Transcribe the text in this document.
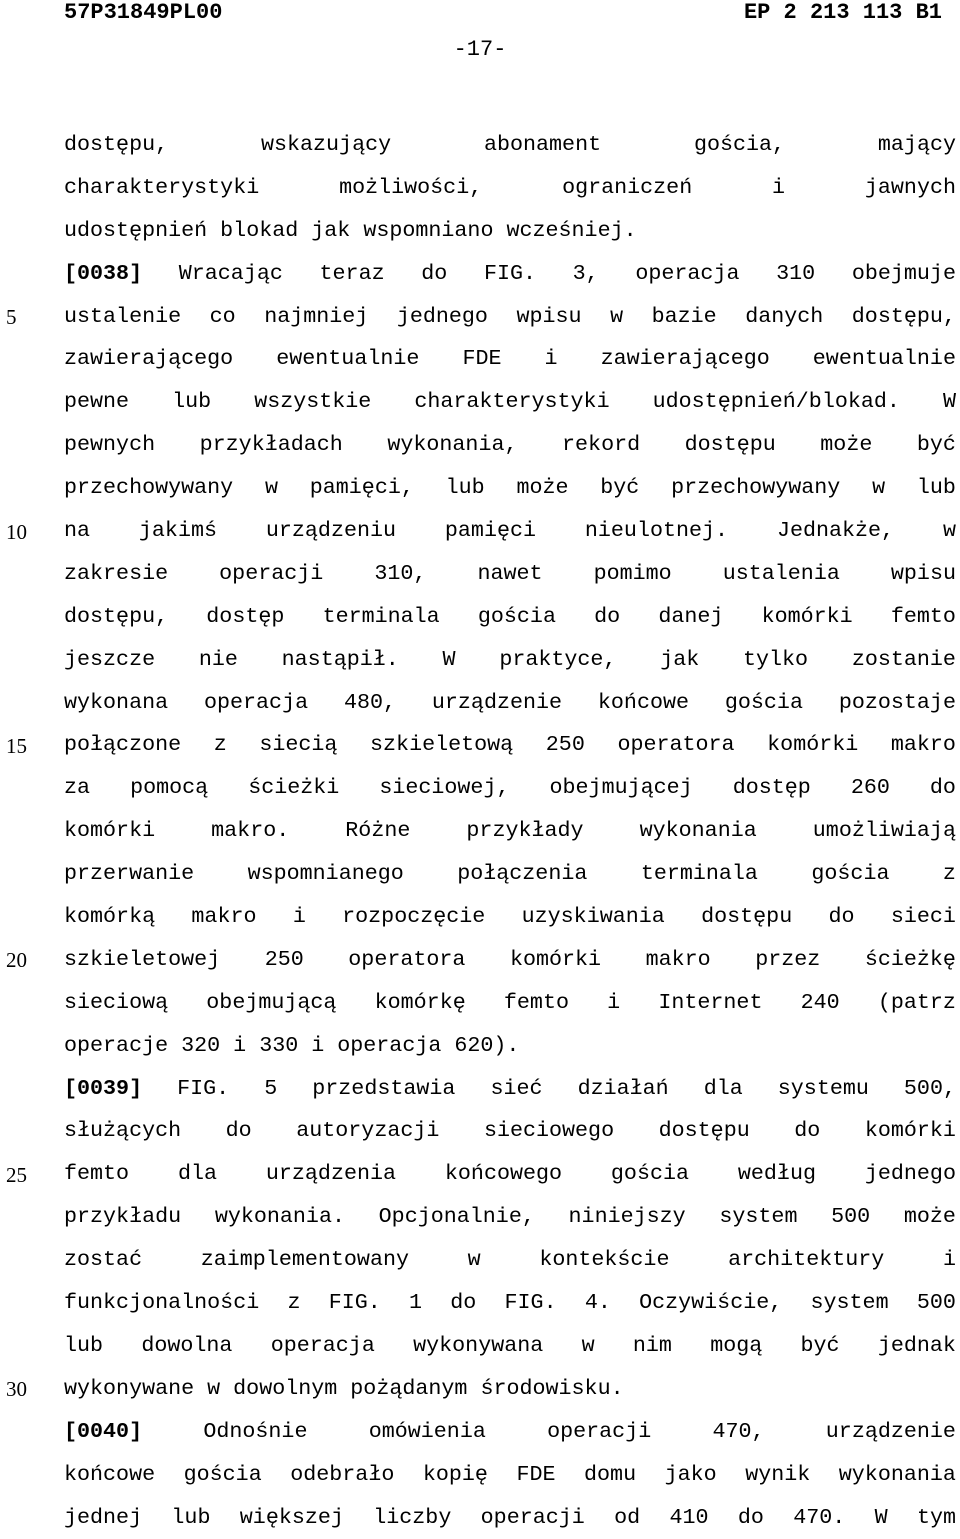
57P31849PL00	EP 2 213 113 B1
-17-
5
10
15
20
25
30
dostępu,	wskazujący	abonament	gościa,	mający
charakterystyki	możliwości,	ograniczeń	i	jawnych
udostępnień blokad jak wspomniano wcześniej.
[0038] Wracając teraz do FIG. 3, operacja 310 obejmuje
ustalenie co najmniej jednego wpisu w bazie danych dostępu,
zawierającego ewentualnie FDE i zawierającego ewentualnie
pewne lub wszystkie charakterystyki udostępnień/blokad. W
pewnych przykładach wykonania, rekord dostępu może być
przechowywany w pamięci, lub może być przechowywany w lub
na jakimś urządzeniu pamięci nieulotnej. Jednakże, w
zakresie operacji 310, nawet pomimo ustalenia wpisu
dostępu, dostęp terminala gościa do danej komórki femto
jeszcze nie nastąpił. W praktyce, jak tylko zostanie
wykonana operacja 480, urządzenie końcowe gościa pozostaje
połączone z siecią szkieletową 250 operatora komórki makro
za pomocą ścieżki sieciowej, obejmującej dostęp 260 do
komórki	makro.	Różne	przykłady	wykonania	umożliwiają
przerwanie wspomnianego połączenia terminala gościa z
komórką makro i rozpoczęcie uzyskiwania dostępu do sieci
szkieletowej 250 operatora komórki makro przez ścieżkę
sieciową obejmującą komórkę femto i Internet 240 (patrz
operacje 320 i 330 i operacja 620).
[0039] FIG. 5 przedstawia sieć działań dla systemu 500,
służących do autoryzacji sieciowego dostępu do komórki
femto dla urządzenia końcowego gościa według jednego
przykładu wykonania. Opcjonalnie, niniejszy system 500 może
zostać	zaimplementowany	w	kontekście	architektury	i
funkcjonalności z FIG. 1 do FIG. 4. Oczywiście, system 500
lub dowolna operacja wykonywana w nim mogą być jednak
wykonywane w dowolnym pożądanym środowisku.
[0040]	Odnośnie	omówienia	operacji	470,	urządzenie
końcowe gościa odebrało kopię FDE domu jako wynik wykonania
jednej lub większej liczby operacji od 410 do 470. W tym
